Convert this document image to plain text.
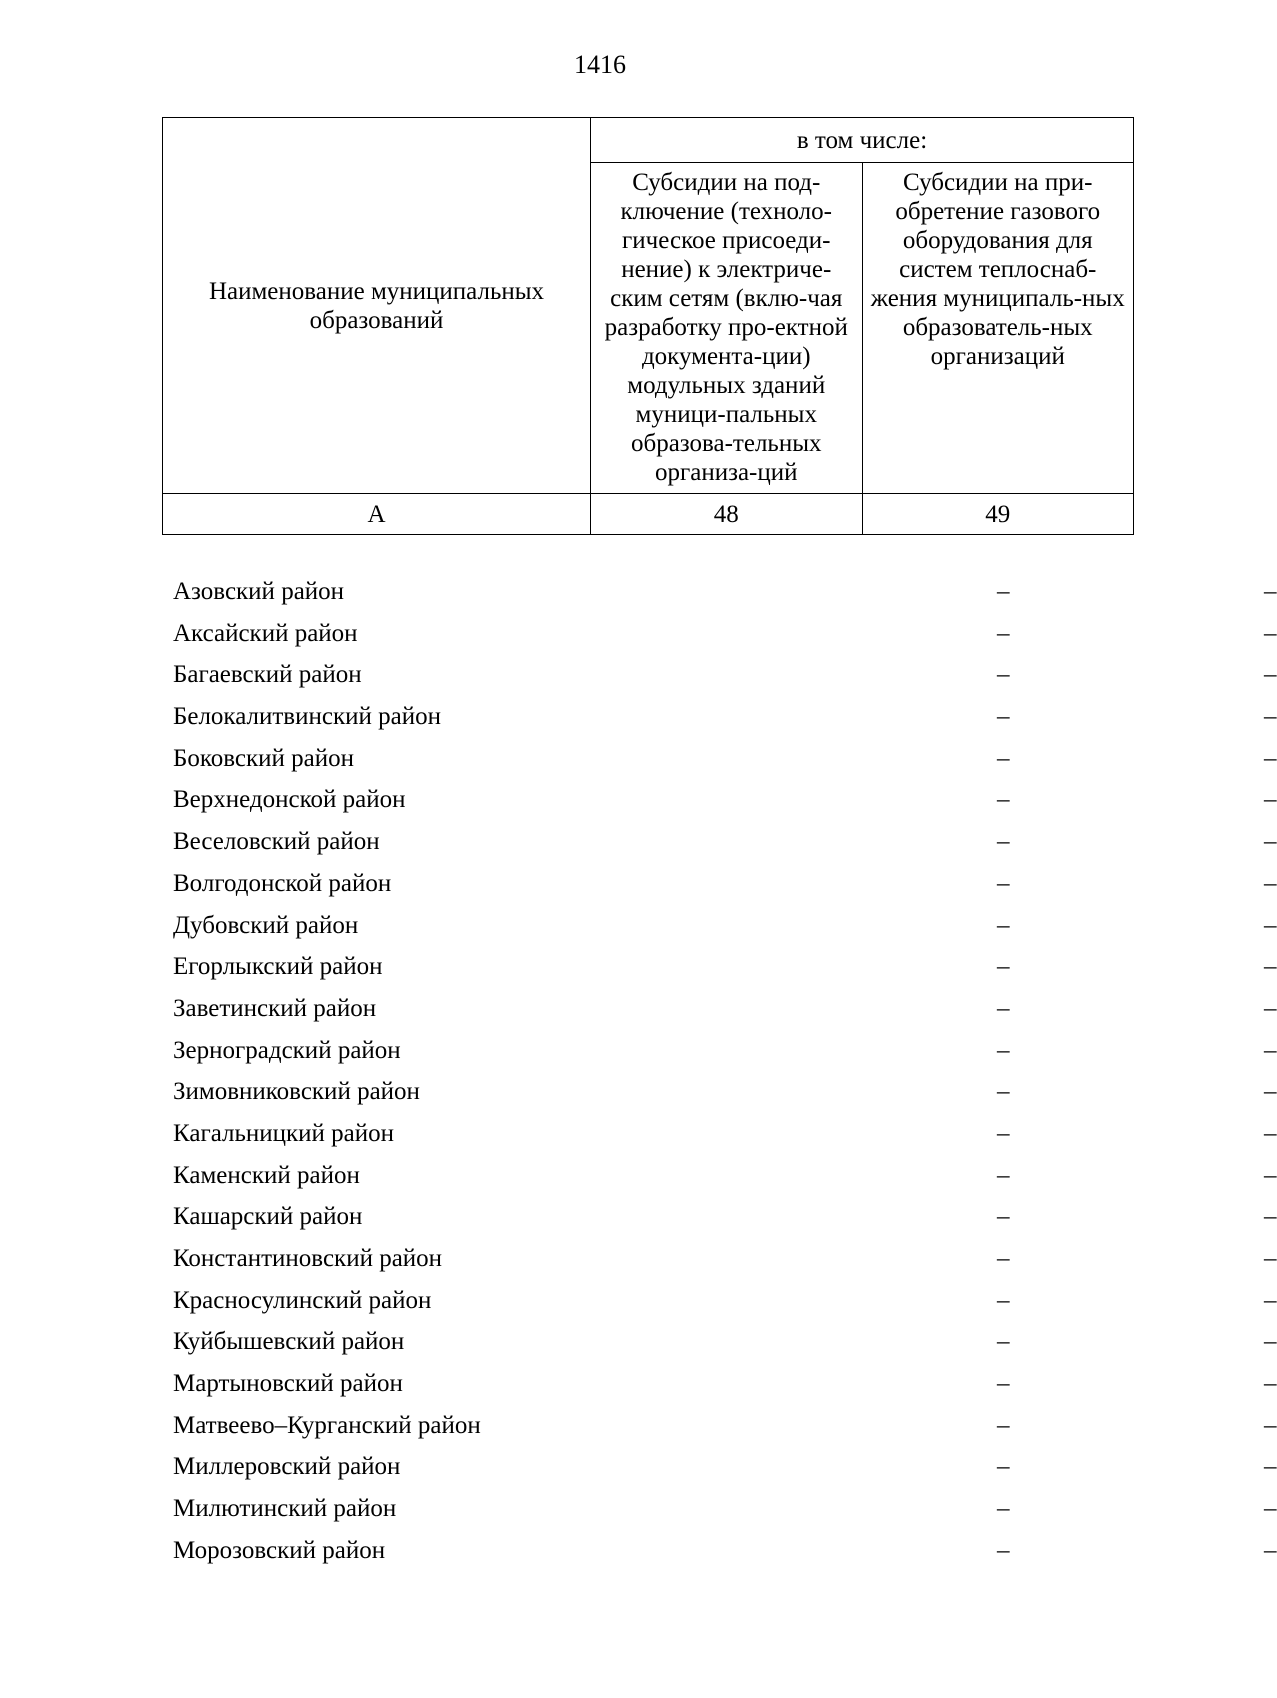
1416
Наименование муниципальных образований	в том числе:	
	Субсидии на под-ключение (техноло-гическое присоеди-нение) к электриче-ским сетям (вклю-чая разработку про-ектной документа-ции) модульных зданий муници-пальных образова-тельных организа-ций	Субсидии на при-обретение газового оборудования для систем теплоснаб-жения муниципаль-ных образователь-ных организаций
А	48	49
Азовский район	–	–
Аксайский район	–	–
Багаевский район	–	–
Белокалитвинский район	–	–
Боковский район	–	–
Верхнедонской район	–	–
Веселовский район	–	–
Волгодонской район	–	–
Дубовский район	–	–
Егорлыкский район	–	–
Заветинский район	–	–
Зерноградский район	–	–
Зимовниковский район	–	–
Кагальницкий район	–	–
Каменский район	–	–
Кашарский район	–	–
Константиновский район	–	–
Красносулинский район	–	–
Куйбышевский район	–	–
Мартыновский район	–	–
Матвеево–Курганский район	–	–
Миллеровский район	–	–
Милютинский район	–	–
Морозовский район	–	–
